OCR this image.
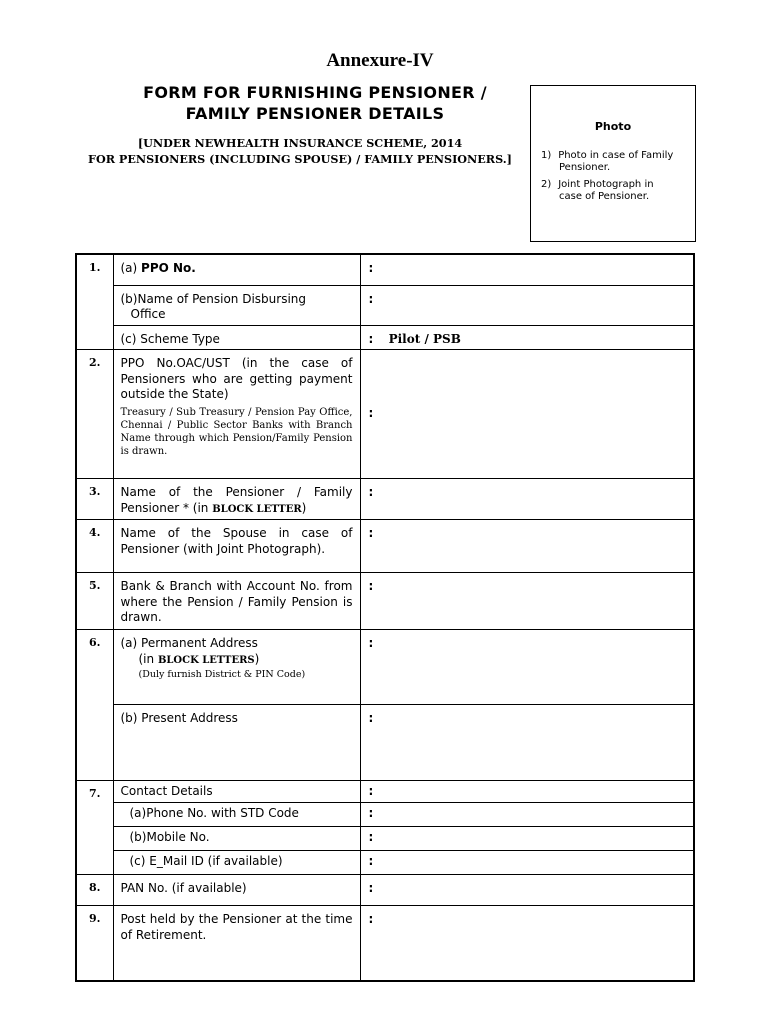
Annexure-IV
FORM FOR FURNISHING PENSIONER /
FAMILY PENSIONER DETAILS
[UNDER NEWHEALTH INSURANCE SCHEME, 2014
FOR PENSIONERS (INCLUDING SPOUSE) / FAMILY PENSIONERS.]
Photo
1) Photo in case of Family
Pensioner.
2) Joint Photograph in
case of Pensioner.
1.	(a) PPO No.	:

	(b)Name of Pension Disbursing
Office	:
	(c) Scheme Type	: Pilot / PSB
2.	PPO No.OAC/UST (in the case of Pensioners who are getting payment outside the State)
Treasury / Sub Treasury / Pension Pay Office, Chennai / Public Sector Banks with Branch Name through which Pension/Family Pension is drawn.	:
3.	Name of the Pensioner / Family Pensioner * (in BLOCK LETTER)	:
4.	Name of the Spouse in case of Pensioner (with Joint Photograph).	:
5.	Bank & Branch with Account No. from where the Pension / Family Pension is drawn.	:
6.	(a) Permanent Address
(in BLOCK LETTERS)
(Duly furnish District & PIN Code)	:
	(b) Present Address	:
7.	Contact Details	:
	(a)Phone No. with STD Code	:
	(b)Mobile No.	:
	(c) E_Mail ID (if available)	:
8.	PAN No. (if available)	:
9.	Post held by the Pensioner at the time of Retirement.	:
